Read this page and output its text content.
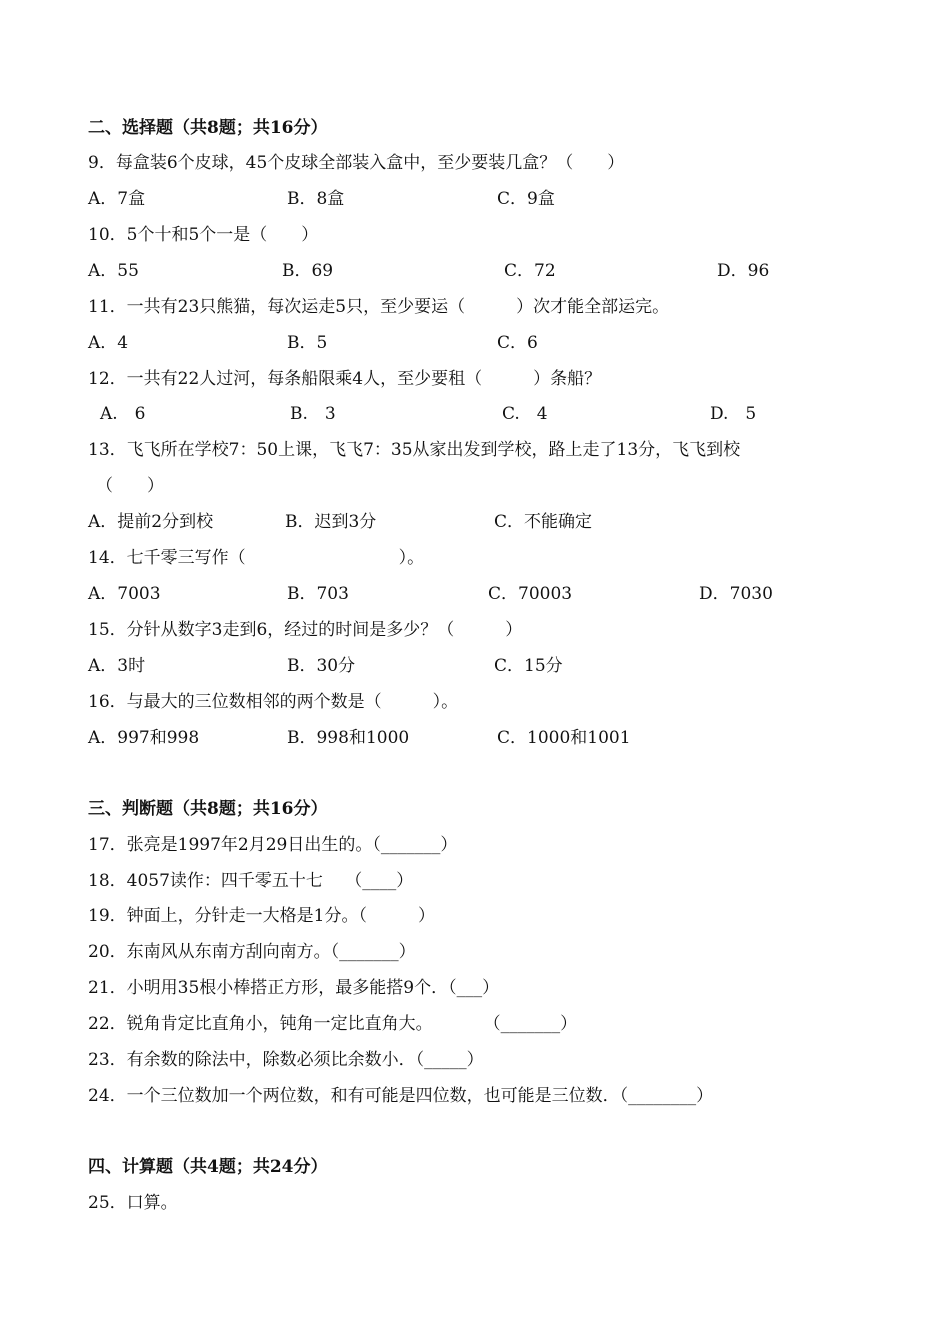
二、选择题（共8题；共16分）
9．每盒装6个皮球，45个皮球全部装入盒中，至少要装几盒？（　　）
A．7盒	B．8盒	C．9盒
10．5个十和5个一是（　　）
A．55	B．69	C．72	D．96
11．一共有23只熊猫，每次运走5只，至少要运（　　　）次才能全部运完。
A．4	B．5	C．6
12．一共有22人过河，每条船限乘4人，至少要租（　　　）条船？
A.　6	B.　3	C.　4	D.　5
13．飞飞所在学校7：50上课，飞飞7：35从家出发到学校，路上走了13分，飞飞到校
（　　）
A．提前2分到校	B．迟到3分	C．不能确定
14．七千零三写作（　　　　　　　　　）。
A．7003	B．703	C．70003	D．7030
15．分针从数字3走到6，经过的时间是多少？（　　　）
A．3时	B．30分	C．15分
16．与最大的三位数相邻的两个数是（　　　）。
A．997和998	B．998和1000	C．1000和1001
三、判断题（共8题；共16分）
17．张亮是1997年2月29日出生的。（_______）
18．4057读作：四千零五十七　 （____）
19．钟面上，分针走一大格是1分。（　　　）
20．东南风从东南方刮向南方。（_______）
21．小明用35根小棒搭正方形，最多能搭9个．（___）
22．锐角肯定比直角小，钝角一定比直角大。　　　　（_______）
23．有余数的除法中，除数必须比余数小．（_____）
24．一个三位数加一个两位数，和有可能是四位数，也可能是三位数．（________）
四、计算题（共4题；共24分）
25．口算。
